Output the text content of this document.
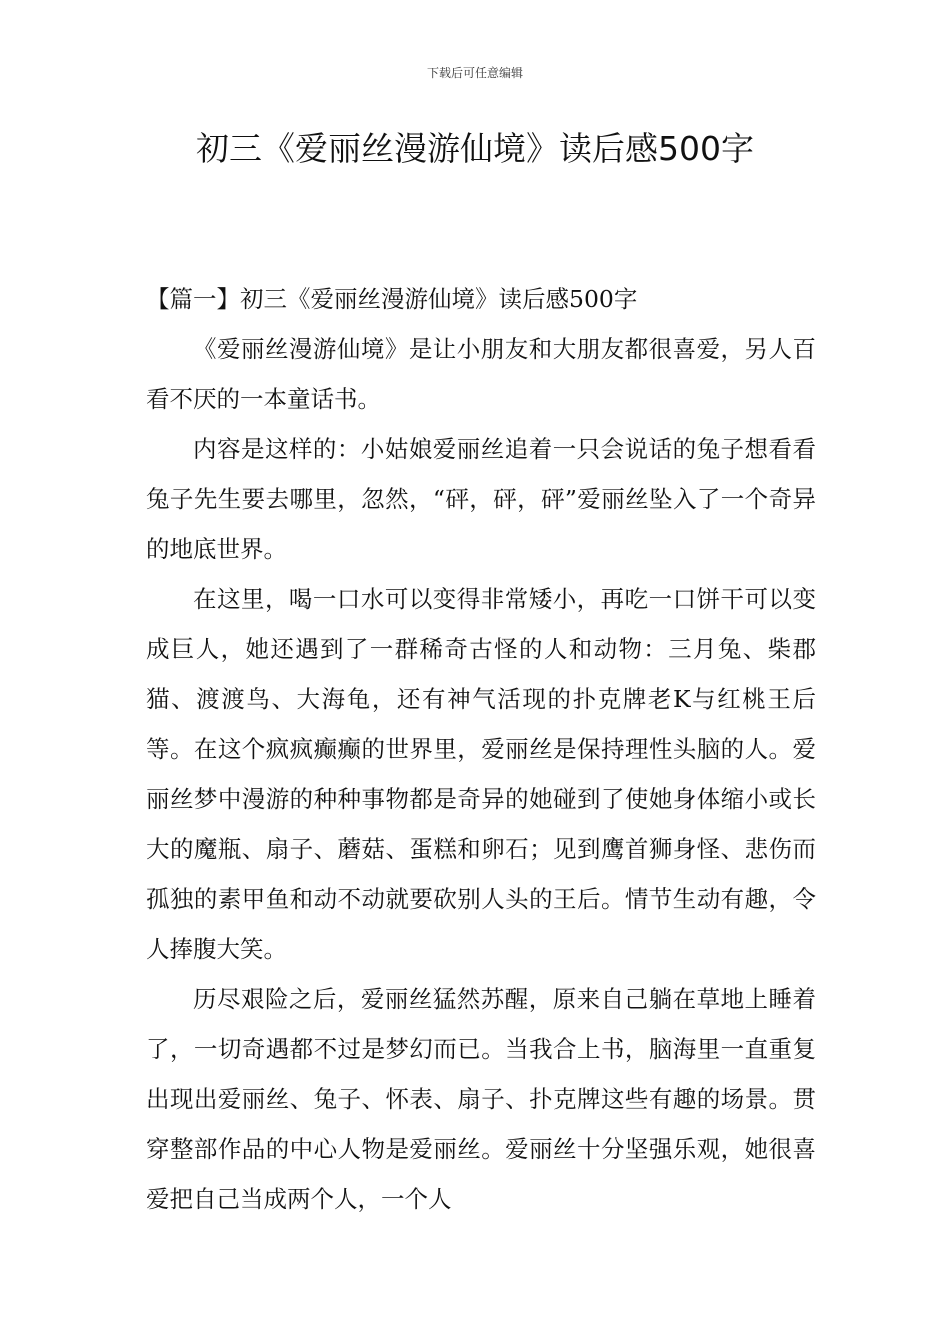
下载后可任意编辑
初三《爱丽丝漫游仙境》读后感500字

【篇一】初三《爱丽丝漫游仙境》读后感500字

《爱丽丝漫游仙境》是让小朋友和大朋友都很喜爱，另人百看不厌的一本童话书。

内容是这样的：小姑娘爱丽丝追着一只会说话的兔子想看看兔子先生要去哪里，忽然，“砰，砰，砰”爱丽丝坠入了一个奇异的地底世界。

在这里，喝一口水可以变得非常矮小，再吃一口饼干可以变成巨人，她还遇到了一群稀奇古怪的人和动物：三月兔、柴郡猫、渡渡鸟、大海龟，还有神气活现的扑克牌老K与红桃王后等。在这个疯疯癫癫的世界里，爱丽丝是保持理性头脑的人。爱丽丝梦中漫游的种种事物都是奇异的她碰到了使她身体缩小或长大的魔瓶、扇子、蘑菇、蛋糕和卵石；见到鹰首狮身怪、悲伤而孤独的素甲鱼和动不动就要砍别人头的王后。情节生动有趣，令人捧腹大笑。

历尽艰险之后，爱丽丝猛然苏醒，原来自己躺在草地上睡着了，一切奇遇都不过是梦幻而已。当我合上书，脑海里一直重复出现出爱丽丝、兔子、怀表、扇子、扑克牌这些有趣的场景。贯穿整部作品的中心人物是爱丽丝。爱丽丝十分坚强乐观，她很喜爱把自己当成两个人，一个人
